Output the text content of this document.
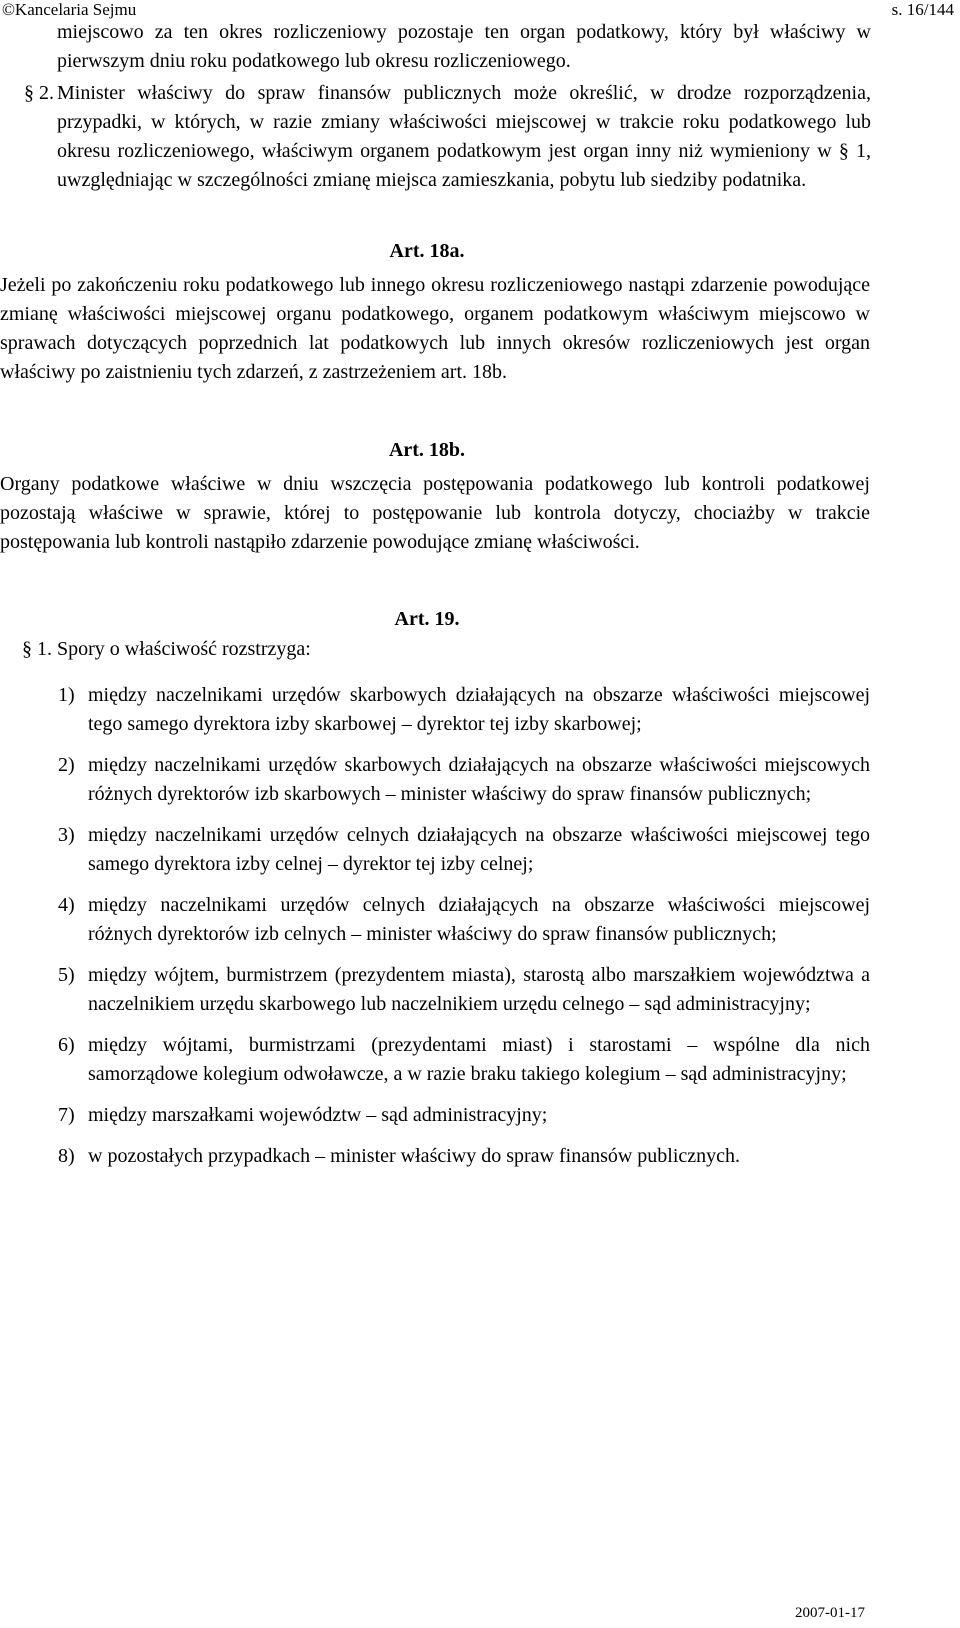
©Kancelaria Sejmu	s. 16/144

miejscowo za ten okres rozliczeniowy pozostaje ten organ podatkowy, który był właściwy w pierwszym dniu roku podatkowego lub okresu rozliczeniowego.

§ 2. Minister właściwy do spraw finansów publicznych może określić, w drodze rozporządzenia, przypadki, w których, w razie zmiany właściwości miejscowej w trakcie roku podatkowego lub okresu rozliczeniowego, właściwym organem podatkowym jest organ inny niż wymieniony w § 1, uwzględniając w szczególności zmianę miejsca zamieszkania, pobytu lub siedziby podatnika.

Art. 18a.

Jeżeli po zakończeniu roku podatkowego lub innego okresu rozliczeniowego nastąpi zdarzenie powodujące zmianę właściwości miejscowej organu podatkowego, organem podatkowym właściwym miejscowo w sprawach dotyczących poprzednich lat podatkowych lub innych okresów rozliczeniowych jest organ właściwy po zaistnieniu tych zdarzeń, z zastrzeżeniem art. 18b.

Art. 18b.

Organy podatkowe właściwe w dniu wszczęcia postępowania podatkowego lub kontroli podatkowej pozostają właściwe w sprawie, której to postępowanie lub kontrola dotyczy, chociażby w trakcie postępowania lub kontroli nastąpiło zdarzenie powodujące zmianę właściwości.

Art. 19.

§ 1. Spory o właściwość rozstrzyga:

1) między naczelnikami urzędów skarbowych działających na obszarze właściwości miejscowej tego samego dyrektora izby skarbowej – dyrektor tej izby skarbowej;
2) między naczelnikami urzędów skarbowych działających na obszarze właściwości miejscowych różnych dyrektorów izb skarbowych – minister właściwy do spraw finansów publicznych;
3) między naczelnikami urzędów celnych działających na obszarze właściwości miejscowej tego samego dyrektora izby celnej – dyrektor tej izby celnej;
4) między naczelnikami urzędów celnych działających na obszarze właściwości miejscowej różnych dyrektorów izb celnych – minister właściwy do spraw finansów publicznych;
5) między wójtem, burmistrzem (prezydentem miasta), starostą albo marszałkiem województwa a naczelnikiem urzędu skarbowego lub naczelnikiem urzędu celnego – sąd administracyjny;
6) między wójtami, burmistrzami (prezydentami miast) i starostami – wspólne dla nich samorządowe kolegium odwoławcze, a w razie braku takiego kolegium – sąd administracyjny;
7) między marszałkami województw – sąd administracyjny;
8) w pozostałych przypadkach – minister właściwy do spraw finansów publicznych.
2007-01-17
